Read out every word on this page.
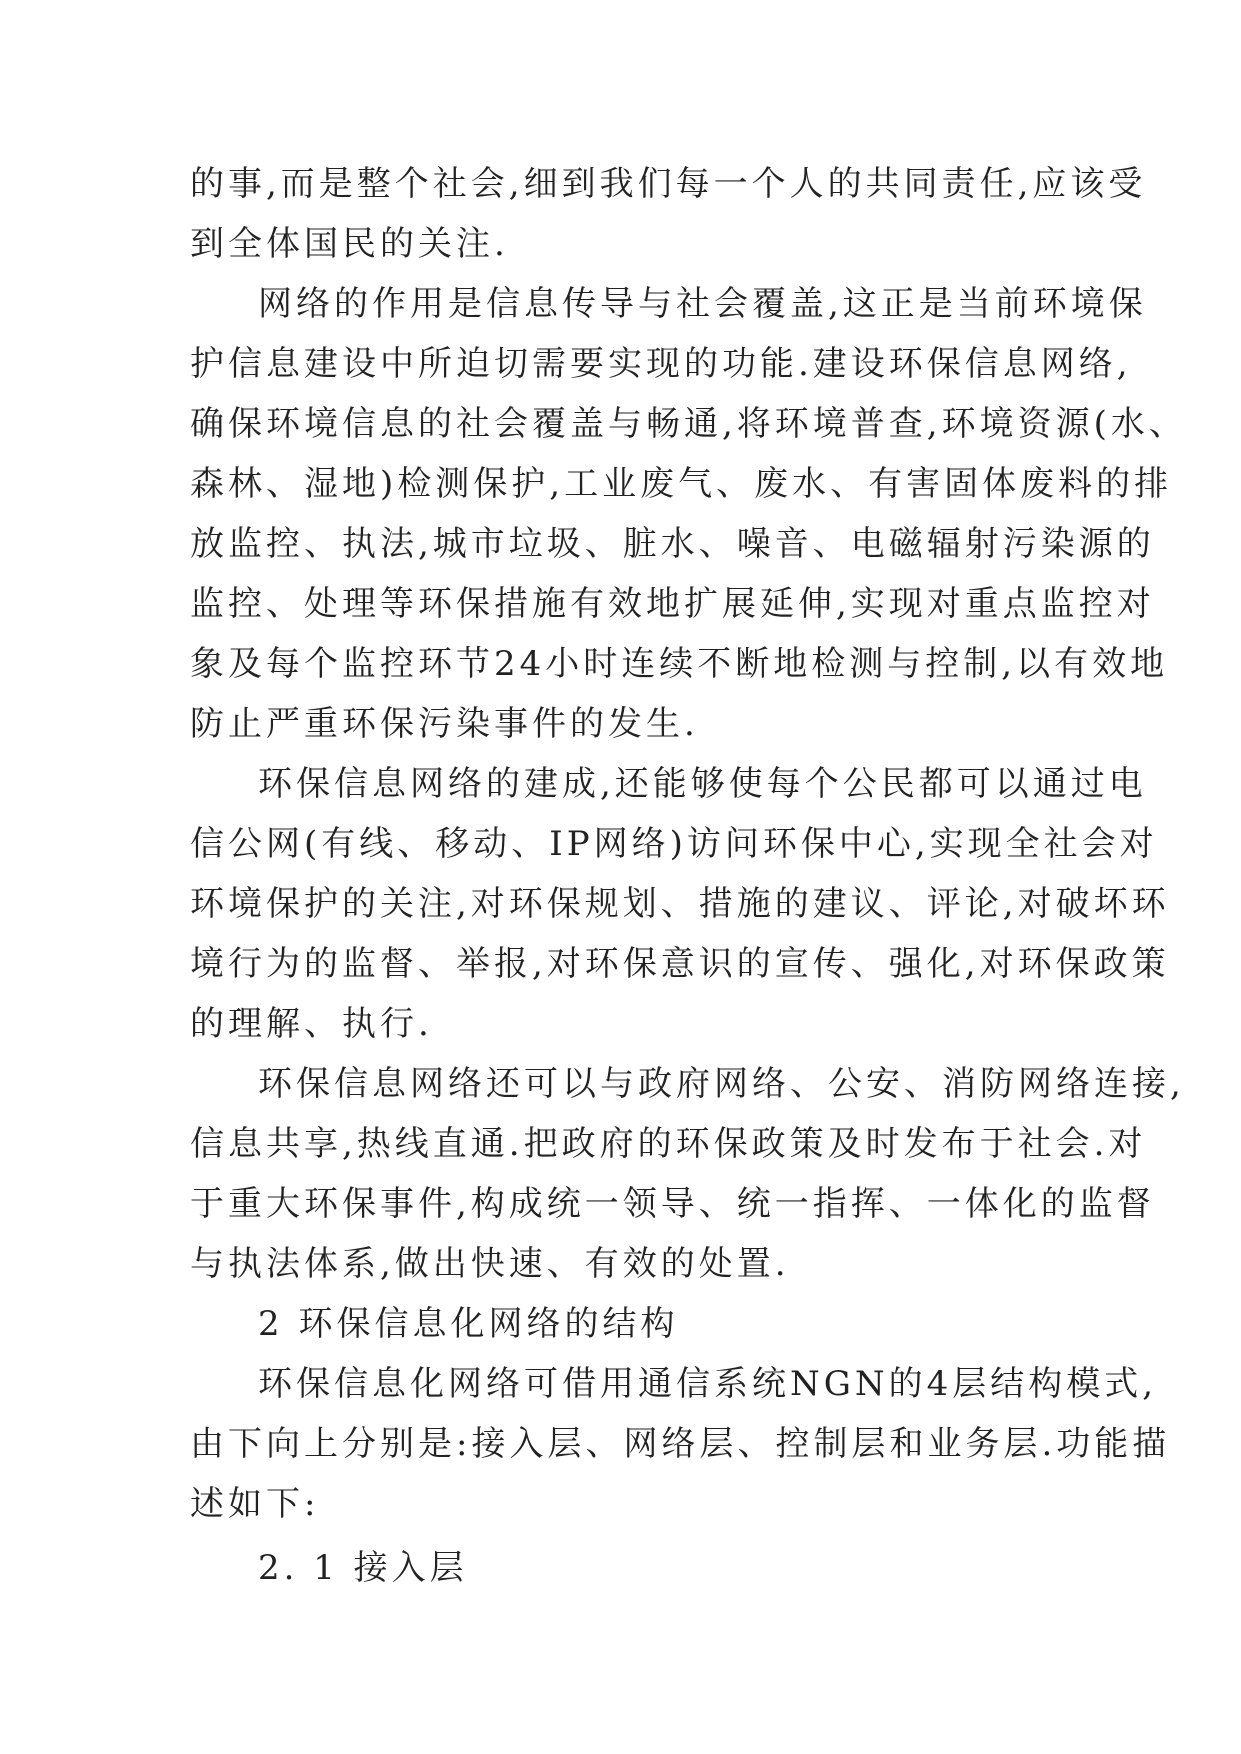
的事,而是整个社会,细到我们每一个人的共同责任,应该受
到全体国民的关注.
网络的作用是信息传导与社会覆盖,这正是当前环境保
护信息建设中所迫切需要实现的功能.建设环保信息网络,
确保环境信息的社会覆盖与畅通,将环境普查,环境资源(水、
森林、湿地)检测保护,工业废气、废水、有害固体废料的排
放监控、执法,城市垃圾、脏水、噪音、电磁辐射污染源的
监控、处理等环保措施有效地扩展延伸,实现对重点监控对
象及每个监控环节24小时连续不断地检测与控制,以有效地
防止严重环保污染事件的发生.
环保信息网络的建成,还能够使每个公民都可以通过电
信公网(有线、移动、IP网络)访问环保中心,实现全社会对
环境保护的关注,对环保规划、措施的建议、评论,对破坏环
境行为的监督、举报,对环保意识的宣传、强化,对环保政策
的理解、执行.
环保信息网络还可以与政府网络、公安、消防网络连接,
信息共享,热线直通.把政府的环保政策及时发布于社会.对
于重大环保事件,构成统一领导、统一指挥、一体化的监督
与执法体系,做出快速、有效的处置.
2 环保信息化网络的结构
环保信息化网络可借用通信系统NGN的4层结构模式,
由下向上分别是:接入层、网络层、控制层和业务层.功能描
述如下:
2. 1 接入层
